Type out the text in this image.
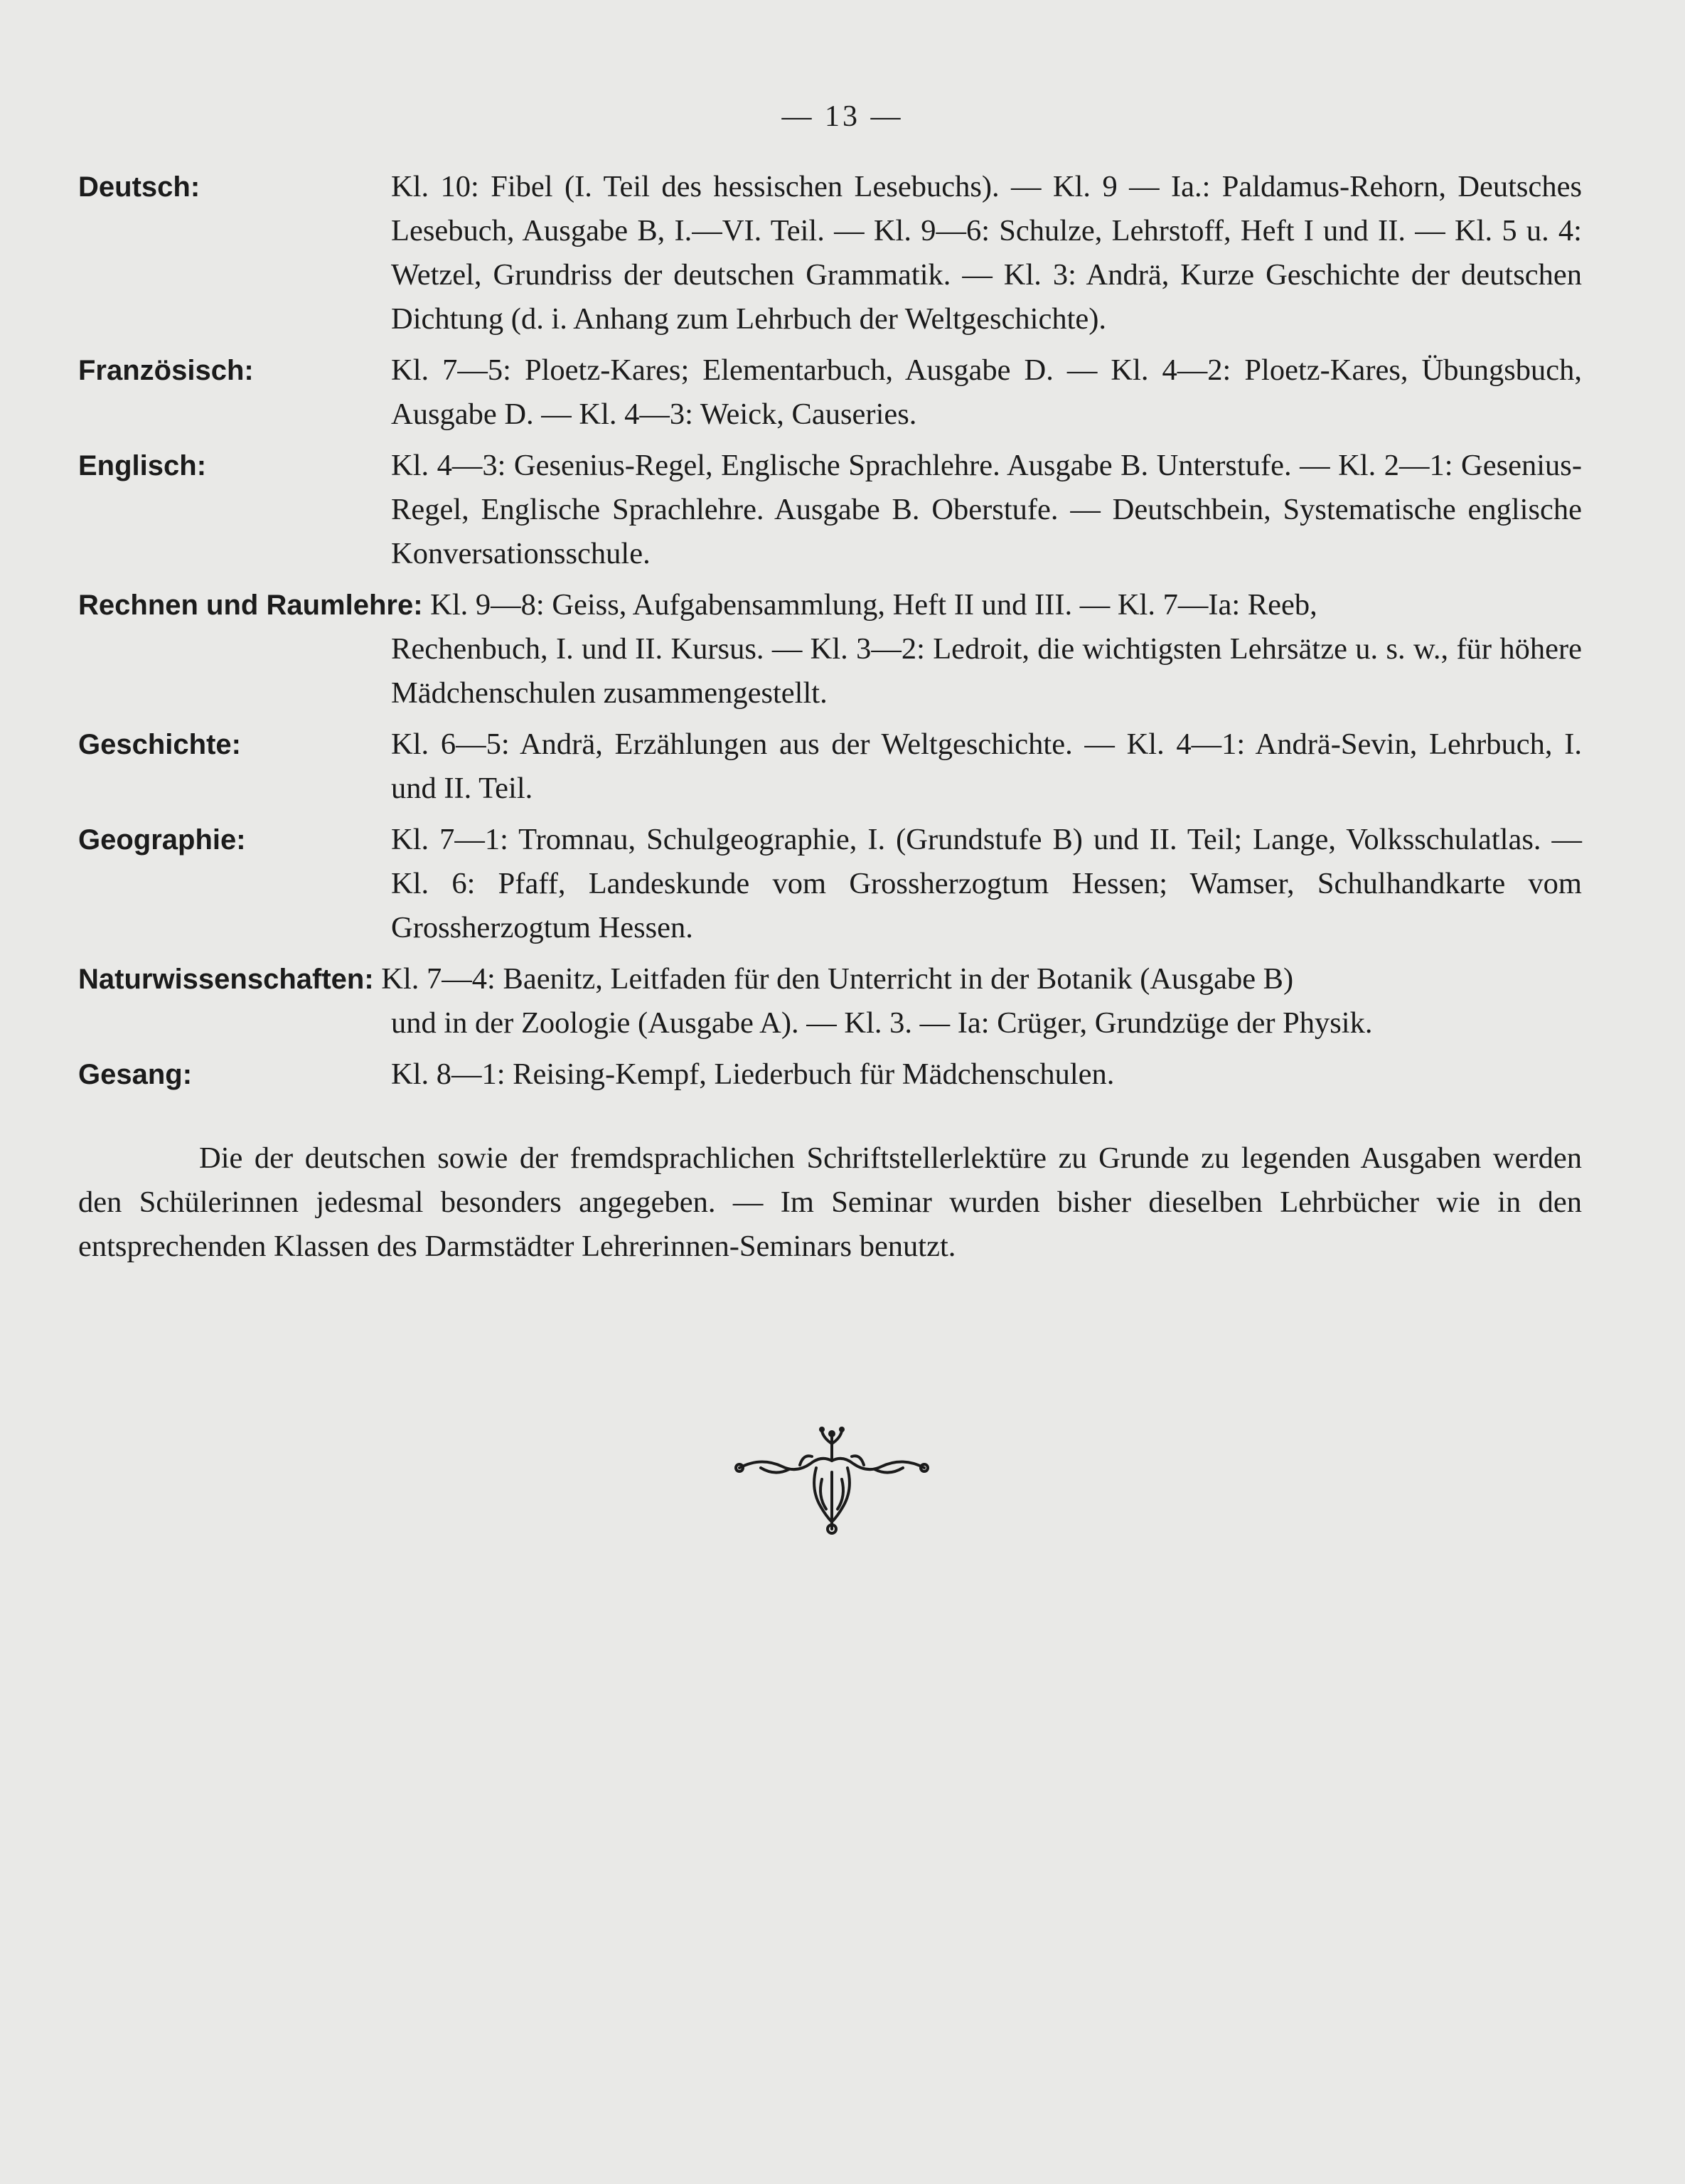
— 13 —
Deutsch:	Kl. 10: Fibel (I. Teil des hessischen Lesebuchs). — Kl. 9 — Ia.: Paldamus-Rehorn, Deutsches Lesebuch, Ausgabe B, I.—VI. Teil. — Kl. 9—6: Schulze, Lehrstoff, Heft I und II. — Kl. 5 u. 4: Wetzel, Grundriss der deutschen Grammatik. — Kl. 3: Andrä, Kurze Geschichte der deutschen Dichtung (d. i. Anhang zum Lehrbuch der Weltgeschichte).
Französisch:	Kl. 7—5: Ploetz-Kares; Elementarbuch, Ausgabe D. — Kl. 4—2: Ploetz-Kares, Übungsbuch, Ausgabe D. — Kl. 4—3: Weick, Causeries.
Englisch:	Kl. 4—3: Gesenius-Regel, Englische Sprachlehre. Ausgabe B. Unterstufe. — Kl. 2—1: Gesenius-Regel, Englische Sprachlehre. Ausgabe B. Oberstufe. — Deutschbein, Systematische englische Konversationsschule.
Rechnen und Raumlehre: Kl. 9—8: Geiss, Aufgabensammlung, Heft II und III. — Kl. 7—Ia: Reeb,
Rechenbuch, I. und II. Kursus. — Kl. 3—2: Ledroit, die wichtigsten Lehrsätze u. s. w., für höhere Mädchenschulen zusammengestellt.
Geschichte:	Kl. 6—5: Andrä, Erzählungen aus der Weltgeschichte. — Kl. 4—1: Andrä-Sevin, Lehrbuch, I. und II. Teil.
Geographie:	Kl. 7—1: Tromnau, Schulgeographie, I. (Grundstufe B) und II. Teil; Lange, Volksschulatlas. — Kl. 6: Pfaff, Landeskunde vom Grossherzogtum Hessen; Wamser, Schulhandkarte vom Grossherzogtum Hessen.
Naturwissenschaften: Kl. 7—4: Baenitz, Leitfaden für den Unterricht in der Botanik (Ausgabe B)
und in der Zoologie (Ausgabe A). — Kl. 3. — Ia: Crüger, Grundzüge der Physik.
Gesang:	Kl. 8—1: Reising-Kempf, Liederbuch für Mädchenschulen.
Die der deutschen sowie der fremdsprachlichen Schriftstellerlektüre zu Grunde zu legenden Ausgaben werden den Schülerinnen jedesmal besonders angegeben. — Im Seminar wurden bisher dieselben Lehrbücher wie in den entsprechenden Klassen des Darmstädter Lehrerinnen-Seminars benutzt.
